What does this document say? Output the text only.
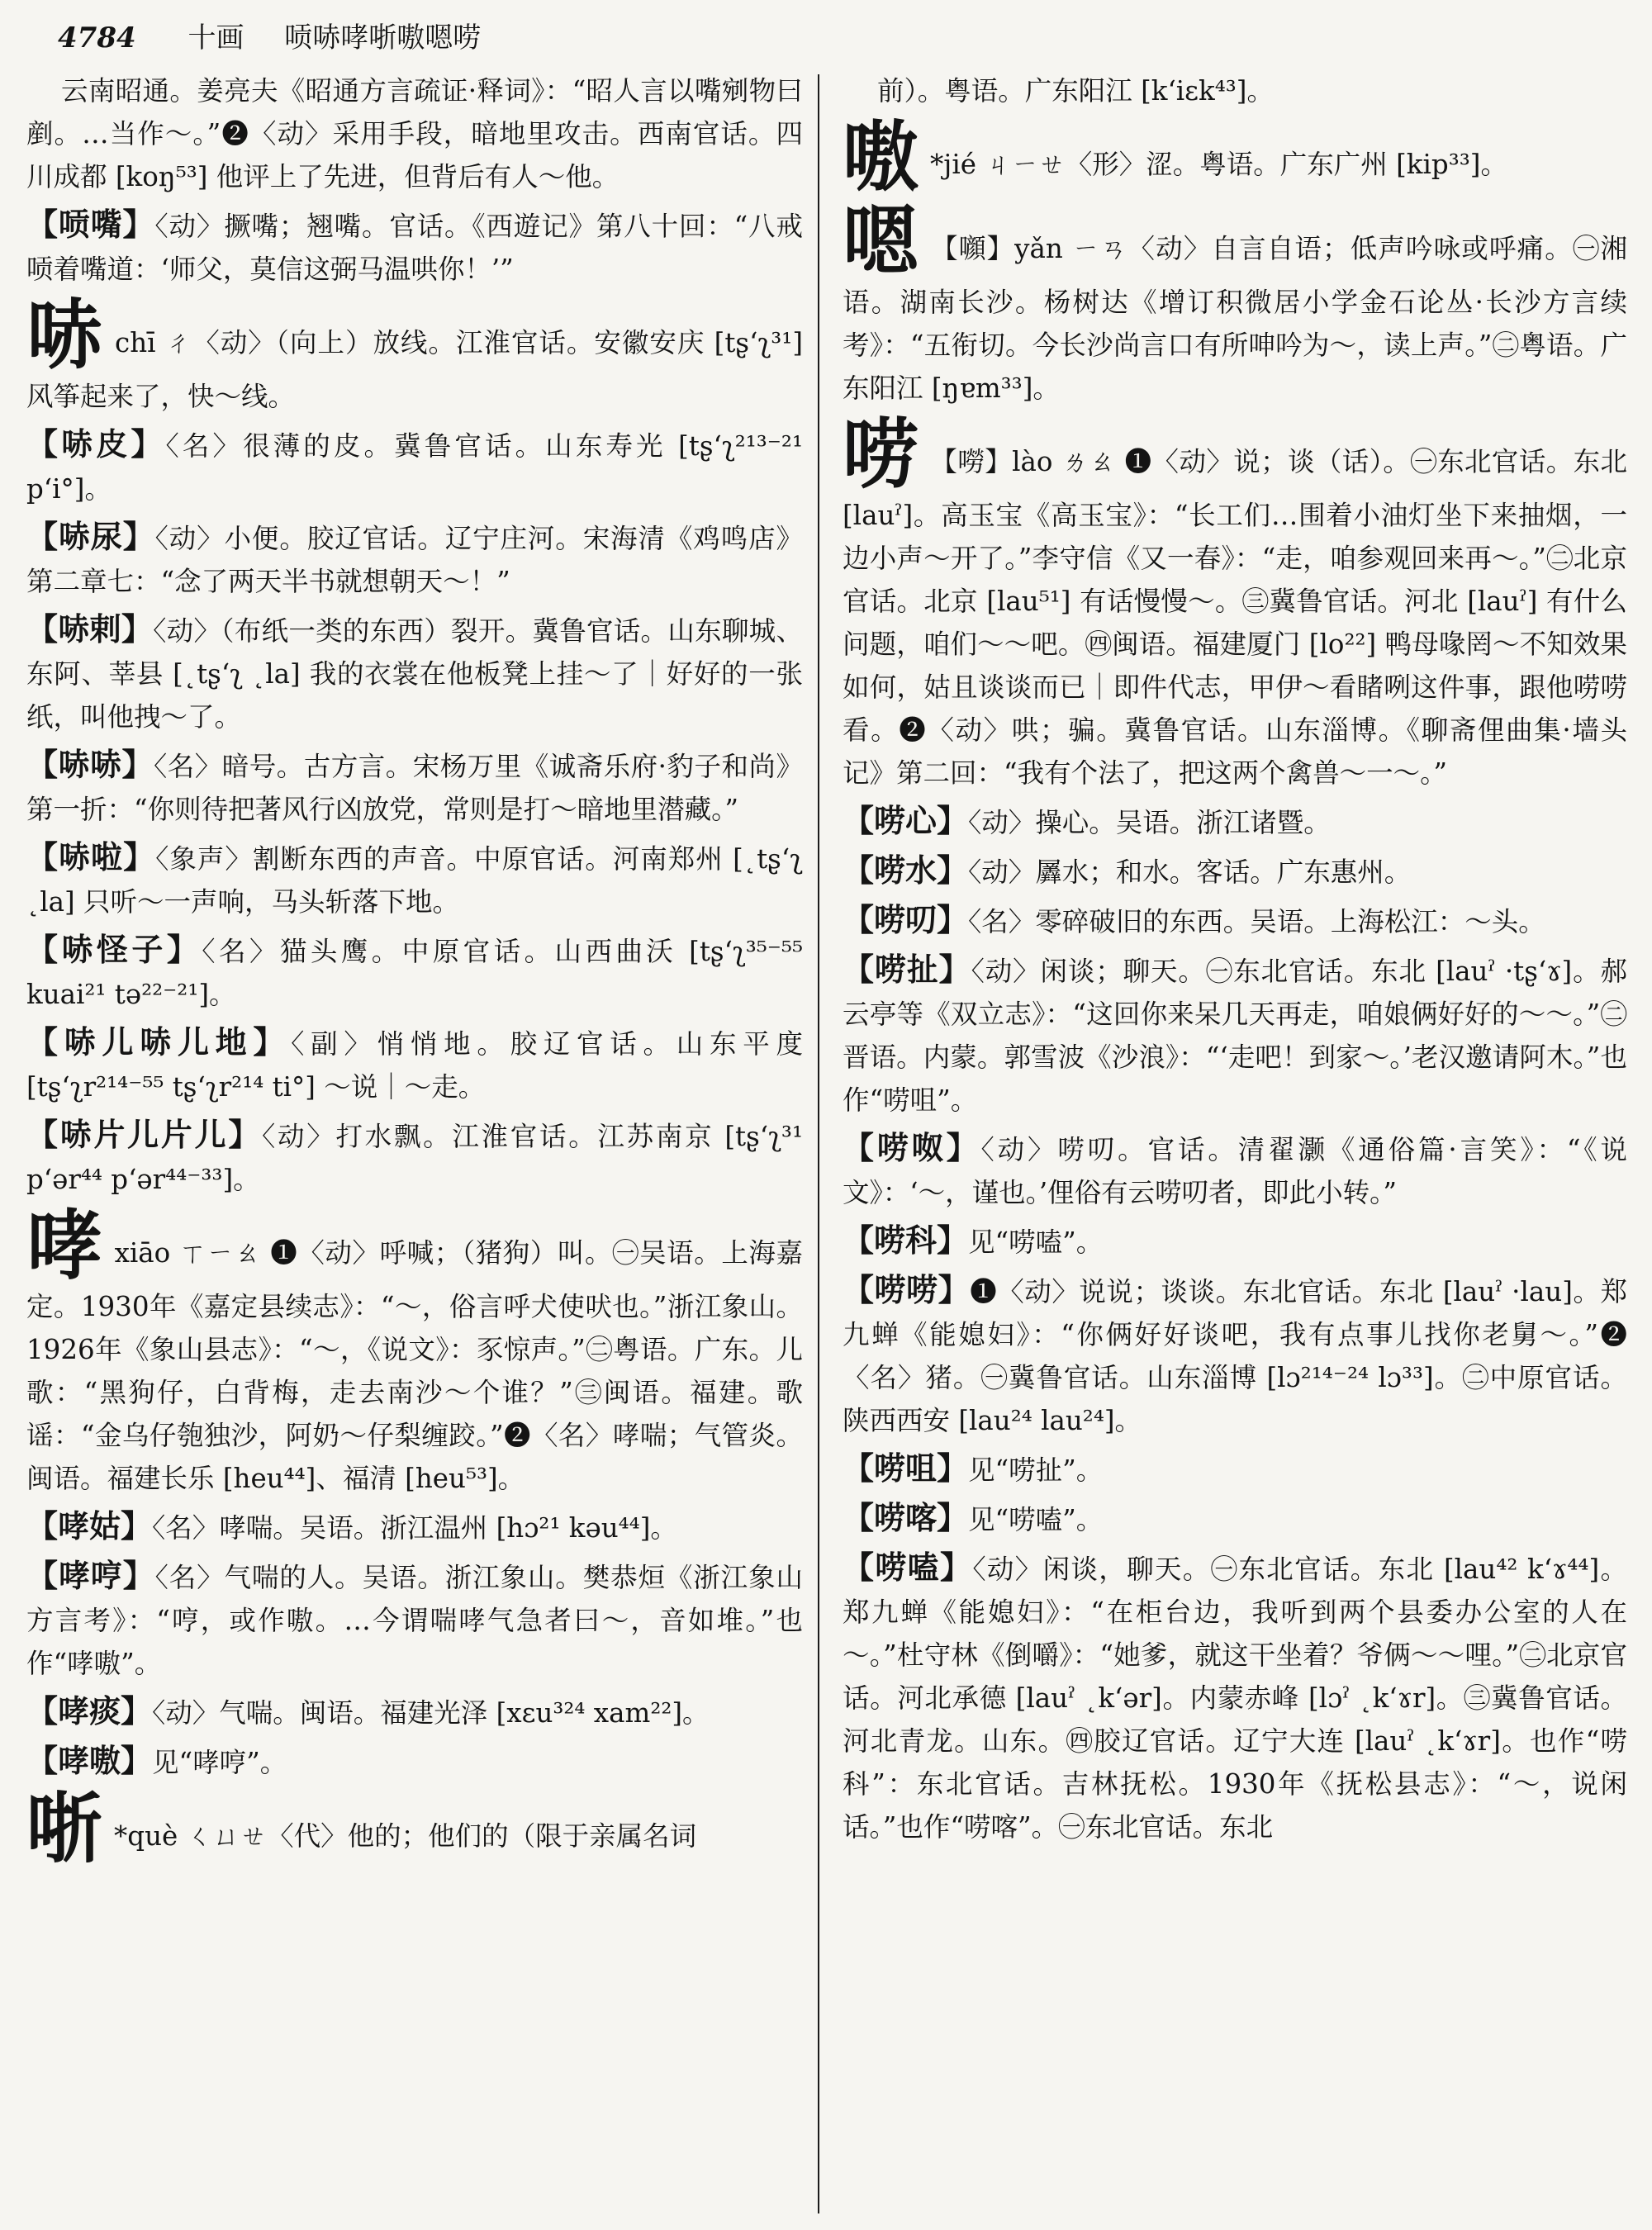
4784 十画 唝哧哮哳嗷嗯唠

云南昭通。姜亮夫《昭通方言疏证·释词》：“昭人言以嘴剜物曰剷。…当作～。”❷〈动〉采用手段，暗地里攻击。西南官话。四川成都 [koŋ⁵³] 他评上了先进，但背后有人～他。

【唝嘴】〈动〉撅嘴；翘嘴。官话。《西遊记》第八十回：“八戒唝着嘴道：‘师父，莫信这弼马温哄你！’”

哧chī ㄔ〈动〉（向上）放线。江淮官话。安徽安庆 [tʂʻʅ³¹] 风筝起来了，快～线。

【哧皮】〈名〉很薄的皮。冀鲁官话。山东寿光 [tʂʻʅ²¹³⁻²¹ pʻi°]。

【哧尿】〈动〉小便。胶辽官话。辽宁庄河。宋海清《鸡鸣店》第二章七：“念了两天半书就想朝天～！”

【哧剌】〈动〉（布纸一类的东西）裂开。冀鲁官话。山东聊城、东阿、莘县 [˛tʂʻʅ ˛la] 我的衣裳在他板凳上挂～了｜好好的一张纸，叫他拽～了。

【哧哧】〈名〉暗号。古方言。宋杨万里《诚斋乐府·豹子和尚》第一折：“你则待把著风行凶放党，常则是打～暗地里潜藏。”

【哧啦】〈象声〉割断东西的声音。中原官话。河南郑州 [˛tʂʻʅ ˛la] 只听～一声响，马头斩落下地。

【哧怪子】〈名〉猫头鹰。中原官话。山西曲沃 [tʂʻʅ³⁵⁻⁵⁵ kuai²¹ tə²²⁻²¹]。

【哧儿哧儿地】〈副〉悄悄地。胶辽官话。山东平度 [tʂʻʅr²¹⁴⁻⁵⁵ tʂʻʅr²¹⁴ ti°] ～说｜～走。

【哧片儿片儿】〈动〉打水飘。江淮官话。江苏南京 [tʂʻʅ³¹ pʻər⁴⁴ pʻər⁴⁴⁻³³]。

哮xiāo ㄒㄧㄠ ❶〈动〉呼喊；（猪狗）叫。㊀吴语。上海嘉定。1930年《嘉定县续志》：“～，俗言呼犬使吠也。”浙江象山。1926年《象山县志》：“～，《说文》：豕惊声。”㊁粤语。广东。儿歌：“黑狗仔，白背梅，走去南沙～个谁？”㊂闽语。福建。歌谣：“金乌仔匏独沙，阿奶～仔梨缠跤。”❷〈名〉哮喘；气管炎。闽语。福建长乐 [heu⁴⁴]、福清 [heu⁵³]。

【哮姑】〈名〉哮喘。吴语。浙江温州 [hɔ²¹ kəu⁴⁴]。

【哮哼】〈名〉气喘的人。吴语。浙江象山。樊恭烜《浙江象山方言考》：“哼，或作嗷。…今谓喘哮气急者曰～，音如堆。”也作“哮嗷”。

【哮痰】〈动〉气喘。闽语。福建光泽 [xɛu³²⁴ xam²²]。

【哮嗷】见“哮哼”。

哳 *què ㄑㄩㄝ〈代〉他的；他们的（限于亲属名词

前）。粤语。广东阳江 [kʻiɛk⁴³]。

嗷 *jié ㄐㄧㄝ〈形〉涩。粤语。广东广州 [kip³³]。

嗯 【㘖】yǎn ㄧㄢ〈动〉自言自语；低声吟咏或呼痛。㊀湘语。湖南长沙。杨树达《增订积微居小学金石论丛·长沙方言续考》：“五衔切。今长沙尚言口有所呻吟为～，读上声。”㊁粤语。广东阳江 [ŋɐm³³]。

唠 【嘮】lào ㄌㄠ ❶〈动〉说；谈（话）。㊀东北官话。东北 [lauˀ]。高玉宝《高玉宝》：“长工们…围着小油灯坐下来抽烟，一边小声～开了。”李守信《又一春》：“走，咱参观回来再～。”㊁北京官话。北京 [lau⁵¹] 有话慢慢～。㊂冀鲁官话。河北 [lauˀ] 有什么问题，咱们～～吧。㊃闽语。福建厦门 [lo²²] 鸭母喙罔～不知效果如何，姑且谈谈而已｜即件代志，甲伊～看睹咧这件事，跟他唠唠看。❷〈动〉哄；骗。冀鲁官话。山东淄博。《聊斋俚曲集·墙头记》第二回：“我有个法了，把这两个禽兽～一～。”

【唠心】〈动〉操心。吴语。浙江诸暨。

【唠水】〈动〉羼水；和水。客话。广东惠州。

【唠叨】〈名〉零碎破旧的东西。吴语。上海松江：～头。

【唠扯】〈动〉闲谈；聊天。㊀东北官话。东北 [lauˀ ·tʂʻɤ]。郝云亭等《双立志》：“这回你来呆几天再走，咱娘俩好好的～～。”㊁晋语。内蒙。郭雪波《沙浪》：“‘走吧！到家～。’老汉邀请阿木。”也作“唠咀”。

【唠呶】〈动〉唠叨。官话。清翟灏《通俗篇·言笑》：“《说文》：‘～，谨也。’俚俗有云唠叨者，即此小转。”

【唠科】见“唠嗑”。

【唠唠】❶〈动〉说说；谈谈。东北官话。东北 [lauˀ ·lau]。郑九蝉《能媳妇》：“你俩好好谈吧，我有点事儿找你老舅～。”❷〈名〉猪。㊀冀鲁官话。山东淄博 [lɔ²¹⁴⁻²⁴ lɔ³³]。㊁中原官话。陕西西安 [lau²⁴ lau²⁴]。

【唠咀】见“唠扯”。

【唠喀】见“唠嗑”。

【唠嗑】〈动〉闲谈，聊天。㊀东北官话。东北 [lau⁴² kʻɤ⁴⁴]。郑九蝉《能媳妇》：“在柜台边，我听到两个县委办公室的人在～。”杜守林《倒嚼》：“她爹，就这干坐着？爷俩～～哩。”㊁北京官话。河北承德 [lauˀ ˛kʻər]。内蒙赤峰 [lɔˀ ˛kʻɤr]。㊂冀鲁官话。河北青龙。山东。㊃胶辽官话。辽宁大连 [lauˀ ˛kʻɤr]。也作“唠科”：东北官话。吉林抚松。1930年《抚松县志》：“～，说闲话。”也作“唠喀”。㊀东北官话。东北
